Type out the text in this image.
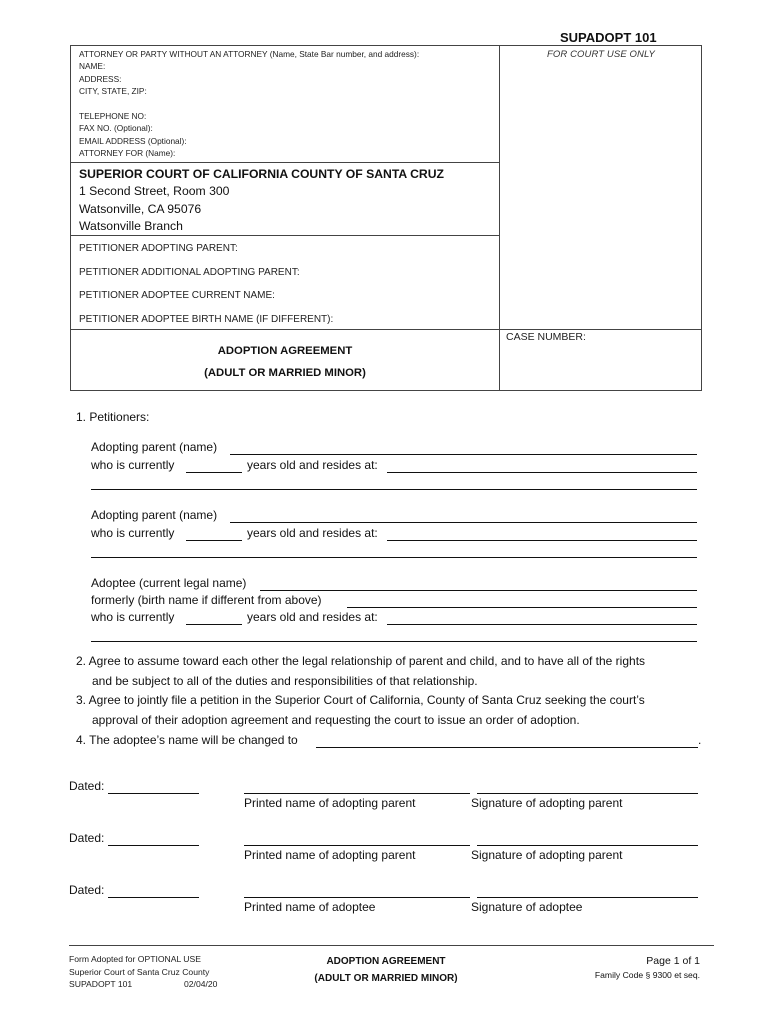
SUPADOPT 101
FOR COURT USE ONLY
ATTORNEY OR PARTY WITHOUT AN ATTORNEY (Name, State Bar number, and address):
NAME:
ADDRESS:
CITY, STATE, ZIP:
TELEPHONE NO:
FAX NO. (Optional):
EMAIL ADDRESS (Optional):
ATTORNEY FOR (Name):
SUPERIOR COURT OF CALIFORNIA COUNTY OF SANTA CRUZ
1 Second Street, Room 300
Watsonville, CA 95076
Watsonville Branch
PETITIONER ADOPTING PARENT:
PETITIONER ADDITIONAL ADOPTING PARENT:
PETITIONER ADOPTEE CURRENT NAME:
PETITIONER ADOPTEE BIRTH NAME (IF DIFFERENT):
ADOPTION AGREEMENT
(ADULT OR MARRIED MINOR)
CASE NUMBER:
1. Petitioners:
Adopting parent (name)
who is currently	years old and resides at:
Adopting parent (name)
who is currently	years old and resides at:
Adoptee (current legal name)
formerly (birth name if different from above)
who is currently	years old and resides at:
2. Agree to assume toward each other the legal relationship of parent and child, and to have all of the rights
and be subject to all of the duties and responsibilities of that relationship.
3. Agree to jointly file a petition in the Superior Court of California, County of Santa Cruz seeking the court’s
approval of their adoption agreement and requesting the court to issue an order of adoption.
4. The adoptee’s name will be changed to	.
Dated:
Printed name of adopting parent	Signature of adopting parent
Dated:
Printed name of adopting parent	Signature of adopting parent
Dated:
Printed name of adoptee	Signature of adoptee
Form Adopted for OPTIONAL USE
Superior Court of Santa Cruz County
SUPADOPT 101	02/04/20
ADOPTION AGREEMENT
(ADULT OR MARRIED MINOR)
Page 1 of 1
Family Code § 9300 et seq.
